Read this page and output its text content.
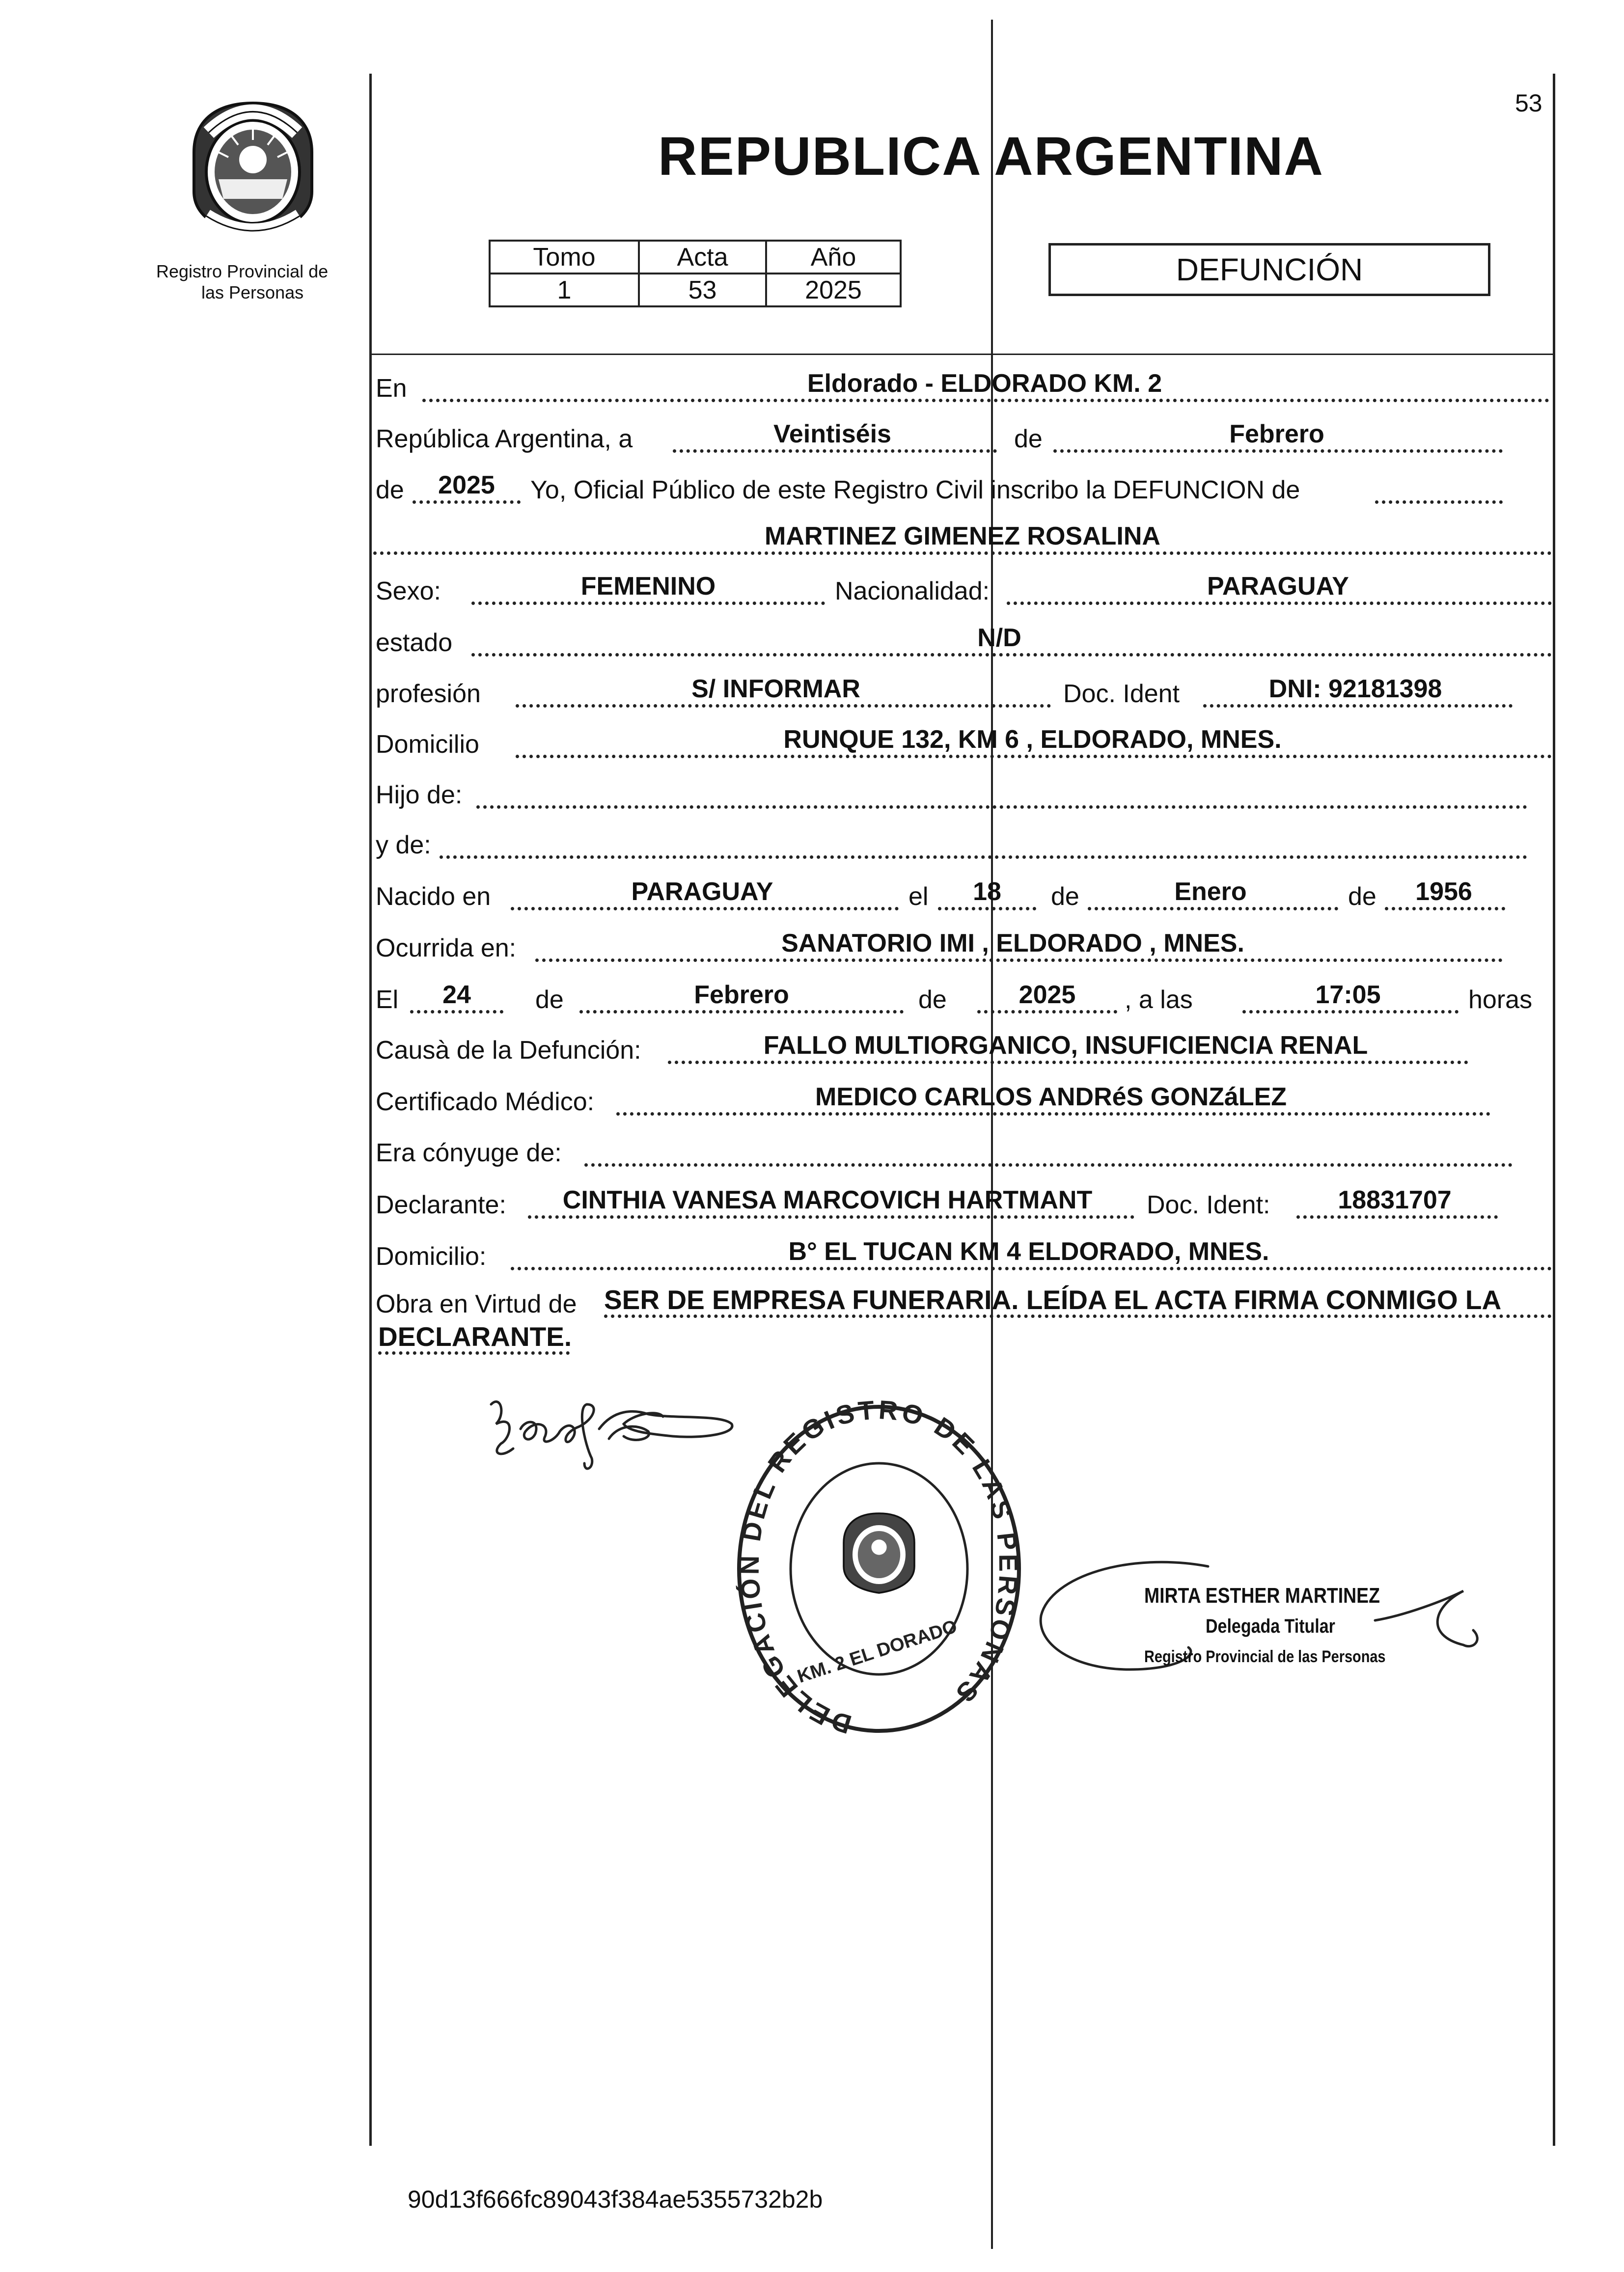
53
Registro Provincial de
las Personas
REPUBLICA ARGENTINA
Tomo	Acta	Año
1	53	2025
DEFUNCIÓN
En	Eldorado - ELDORADO KM. 2
República Argentina, a	Veintiséis	de	Febrero
de	2025	Yo, Oficial Público de este Registro Civil inscribo la DEFUNCION de
MARTINEZ GIMENEZ ROSALINA
Sexo:	FEMENINO	Nacionalidad:	PARAGUAY
estado	N/D
profesión	S/ INFORMAR	Doc. Ident	DNI: 92181398
Domicilio	RUNQUE 132, KM 6 , ELDORADO, MNES.
Hijo de:
y de:
Nacido en	PARAGUAY	el	18	de	Enero	de	1956
Ocurrida en:	SANATORIO IMI , ELDORADO , MNES.
El	24	de	Febrero	de	2025	, a las	17:05	horas
Causà de la Defunción:	FALLO MULTIORGANICO, INSUFICIENCIA RENAL
Certificado Médico:	MEDICO CARLOS ANDRéS GONZáLEZ
Era cónyuge de:
Declarante:	CINTHIA VANESA MARCOVICH HARTMANT	Doc. Ident:	18831707
Domicilio:	B° EL TUCAN KM 4 ELDORADO, MNES.
Obra en Virtud de SER DE EMPRESA FUNERARIA. LEÍDA EL ACTA FIRMA CONMIGO LA
DECLARANTE.
DELEGACIÓN DEL REGISTRO DE LAS PERSONAS
KM. 2 EL DORADO
MIRTA ESTHER MARTINEZ
Delegada Titular
Registro Provincial de las Personas
90d13f666fc89043f384ae5355732b2b
